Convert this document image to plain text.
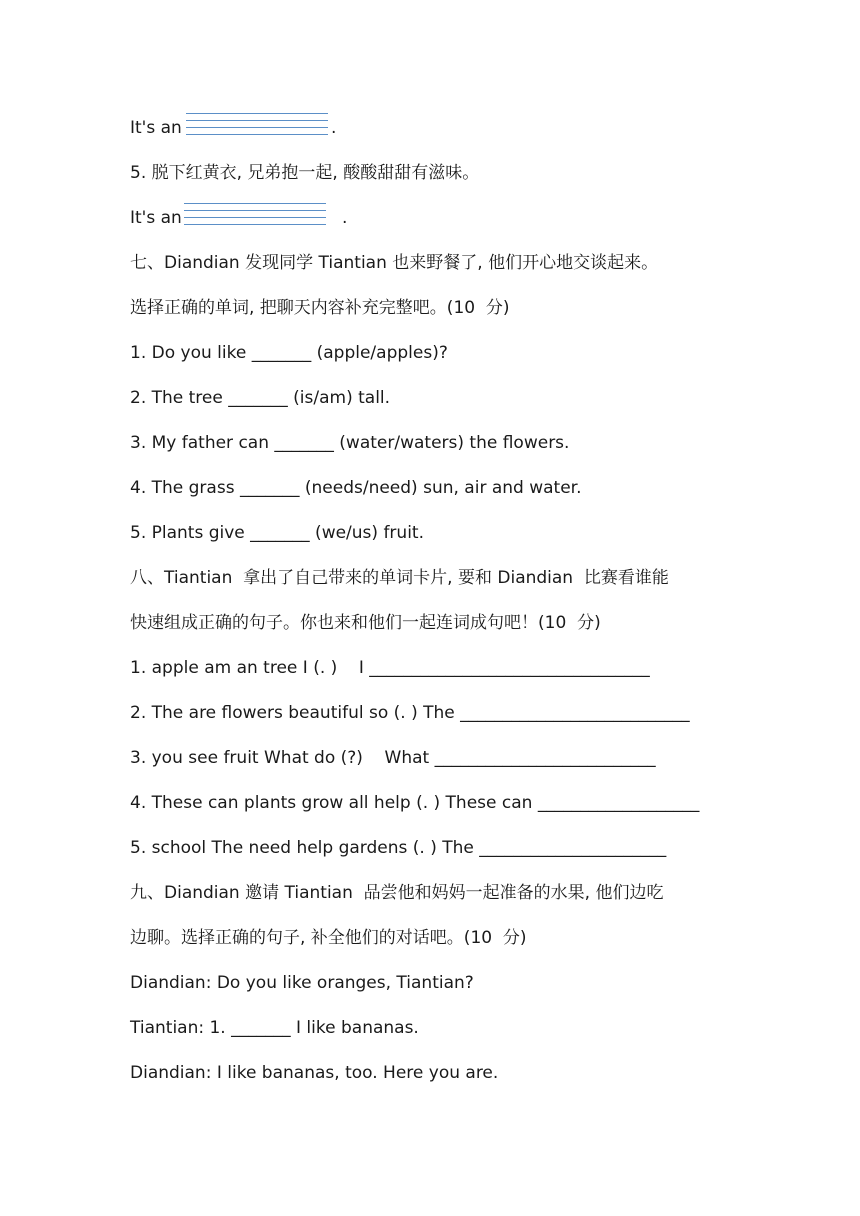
It's an	.
5. 脱下红黄衣, 兄弟抱一起, 酸酸甜甜有滋味。
It's an	.
七、Diandian 发现同学 Tiantian 也来野餐了, 他们开心地交谈起来。
选择正确的单词, 把聊天内容补充完整吧。(10  分)
1. Do you like _______ (apple/apples)?
2. The tree _______ (is/am) tall.
3. My father can _______ (water/waters) the flowers.
4. The grass _______ (needs/need) sun, air and water.
5. Plants give _______ (we/us) fruit.
八、Tiantian  拿出了自己带来的单词卡片, 要和 Diandian  比赛看谁能
快速组成正确的句子。你也来和他们一起连词成句吧！(10  分)
1. apple am an tree I (. )    I _________________________________
2. The are flowers beautiful so (. ) The ___________________________
3. you see fruit What do (?)    What __________________________
4. These can plants grow all help (. ) These can ___________________
5. school The need help gardens (. ) The ______________________
九、Diandian 邀请 Tiantian  品尝他和妈妈一起准备的水果, 他们边吃
边聊。选择正确的句子, 补全他们的对话吧。(10  分)
Diandian: Do you like oranges, Tiantian?
Tiantian: 1. _______ I like bananas.
Diandian: I like bananas, too. Here you are.
